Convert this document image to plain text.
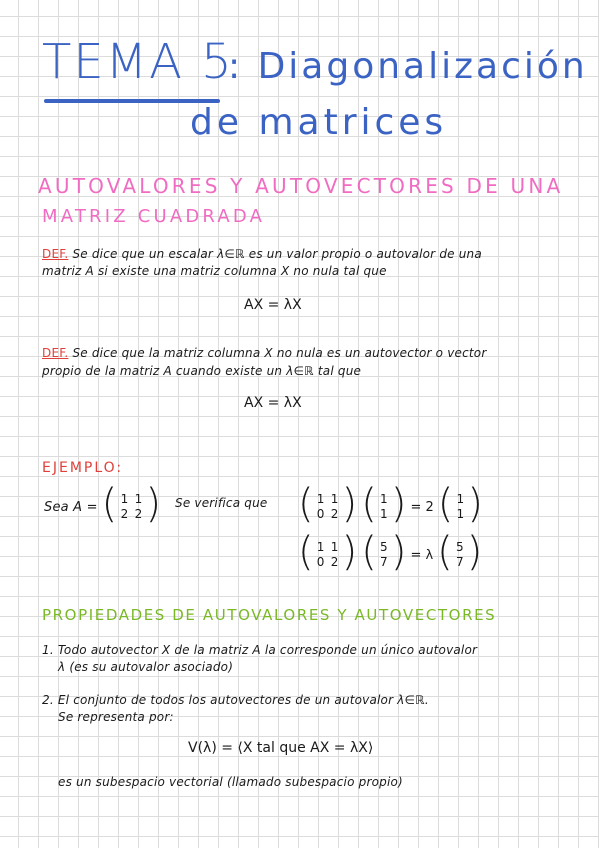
TEMA 5
: Diagonalización
de matrices
AUTOVALORES Y AUTOVECTORES DE UNA
MATRIZ CUADRADA
DEF. Se dice que un escalar λ∈ℝ es un valor propio o autovalor de una
matriz A si existe una matriz columna X no nula tal que
AX = λX
DEF. Se dice que la matriz columna X no nula es un autovector o vector
propio de la matriz A cuando existe un λ∈ℝ tal que
AX = λX
EJEMPLO:
Sea A = ( 1 1
2 2 ) Se verifica que ( 1 1
0 2 ) ( 1
1 ) = 2 ( 1
1 )
( 1 1
0 2 ) ( 5
7 ) = λ ( 5
7 )
PROPIEDADES DE AUTOVALORES Y AUTOVECTORES
1. Todo autovector X de la matriz A la corresponde un único autovalor
λ (es su autovalor asociado)
2. El conjunto de todos los autovectores de un autovalor λ∈ℝ.
Se representa por:
V(λ) = ⟨X tal que AX = λX⟩
es un subespacio vectorial (llamado subespacio propio)
